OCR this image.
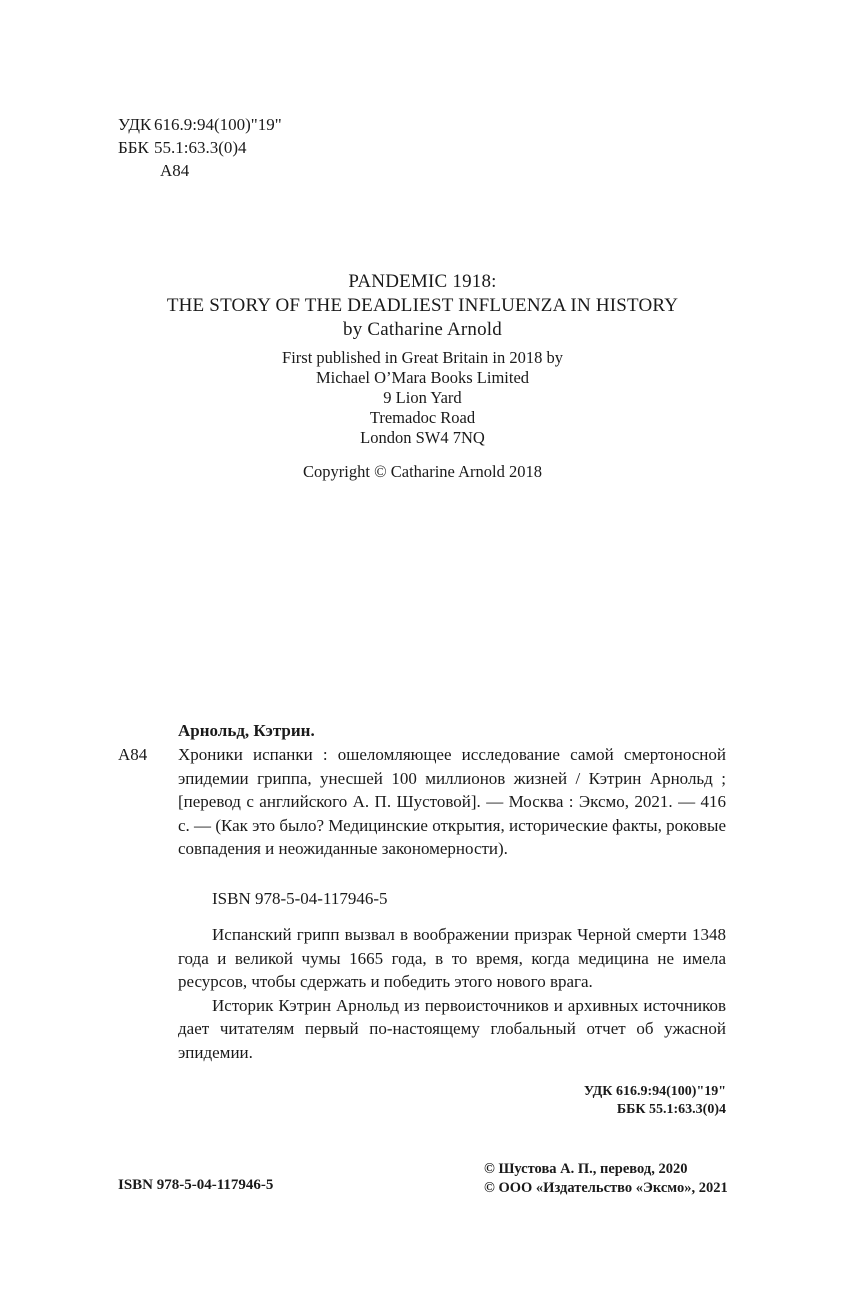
УДК 616.9:94(100)"19"
ББК 55.1:63.3(0)4
А84
PANDEMIC 1918:
THE STORY OF THE DEADLIEST INFLUENZA IN HISTORY
by Catharine Arnold
First published in Great Britain in 2018 by
Michael O’Mara Books Limited
9 Lion Yard
Tremadoc Road
London SW4 7NQ
Copyright © Catharine Arnold 2018
Арнольд, Кэтрин.
А84 Хроники испанки : ошеломляющее исследование самой смертоносной эпидемии гриппа, унесшей 100 миллионов жизней / Кэтрин Арнольд ; [перевод с английского А. П. Шустовой]. — Москва : Эксмо, 2021. — 416 с. — (Как это было? Медицинские открытия, исторические факты, роковые совпадения и неожиданные закономерности).
ISBN 978-5-04-117946-5

Испанский грипп вызвал в воображении призрак Черной смерти 1348 года и великой чумы 1665 года, в то время, когда медицина не имела ресурсов, чтобы сдержать и победить этого нового врага.

Историк Кэтрин Арнольд из первоисточников и архивных источников дает читателям первый по-настоящему глобальный отчет об ужасной эпидемии.

УДК 616.9:94(100)"19"
ББК 55.1:63.3(0)4
ISBN 978-5-04-117946-5
© Шустова А. П., перевод, 2020
© ООО «Издательство «Эксмо», 2021
